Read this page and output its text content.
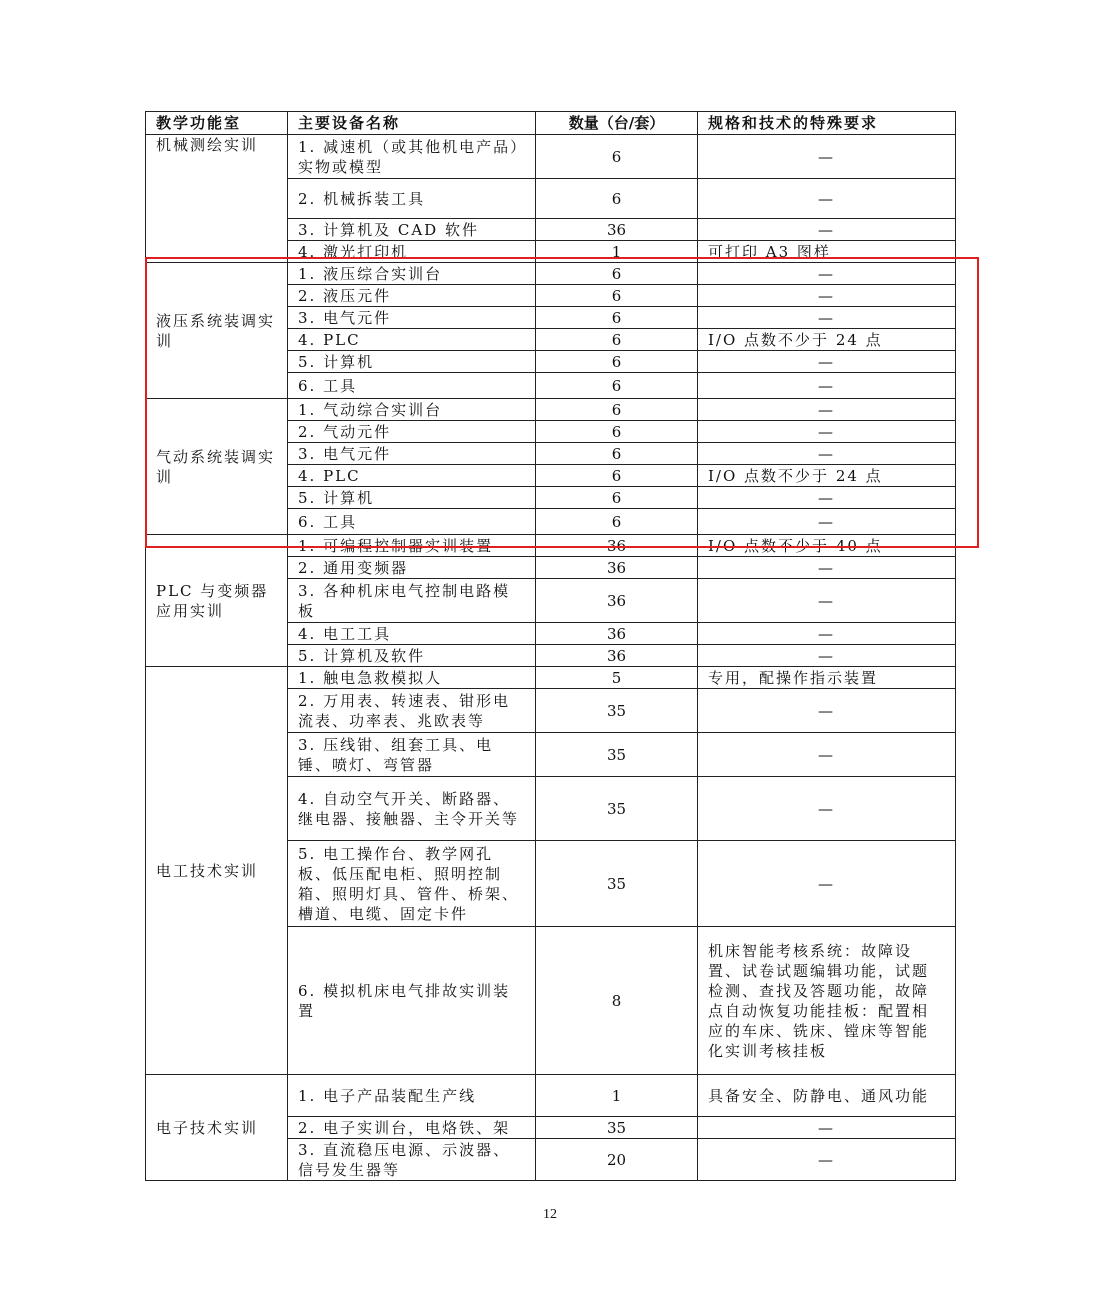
教学功能室	主要设备名称	数量（台/套）	规格和技术的特殊要求
机械测绘实训	1. 减速机（或其他机电产品）实物或模型	6	—
	2. 机械拆装工具	6	—
	3. 计算机及 CAD 软件	36	—
	4. 激光打印机	1	可打印 A3 图样
液压系统装调实训	1. 液压综合实训台	6	—
	2. 液压元件	6	—
	3. 电气元件	6	—
	4. PLC	6	I/O 点数不少于 24 点
	5. 计算机	6	—
	6. 工具	6	—
气动系统装调实训	1. 气动综合实训台	6	—
	2. 气动元件	6	—
	3. 电气元件	6	—
	4. PLC	6	I/O 点数不少于 24 点
	5. 计算机	6	—
	6. 工具	6	—
PLC 与变频器应用实训	1. 可编程控制器实训装置	36	I/O 点数不少于 40 点
	2. 通用变频器	36	—
	3. 各种机床电气控制电路模板	36	—
	4. 电工工具	36	—
	5. 计算机及软件	36	—
电工技术实训	1. 触电急救模拟人	5	专用，配操作指示装置
	2. 万用表、转速表、钳形电流表、功率表、兆欧表等	35	—
	3. 压线钳、组套工具、电锤、喷灯、弯管器	35	—
	4. 自动空气开关、断路器、继电器、接触器、主令开关等	35	—
	5. 电工操作台、教学网孔板、低压配电柜、照明控制箱、照明灯具、管件、桥架、槽道、电缆、固定卡件	35	—
	6. 模拟机床电气排故实训装置	8	机床智能考核系统：故障设置、试卷试题编辑功能，试题检测、查找及答题功能，故障点自动恢复功能挂板：配置相应的车床、铣床、镗床等智能化实训考核挂板
电子技术实训	1. 电子产品装配生产线	1	具备安全、防静电、通风功能
	2. 电子实训台，电烙铁、架	35	—
	3. 直流稳压电源、示波器、信号发生器等	20	—
12
